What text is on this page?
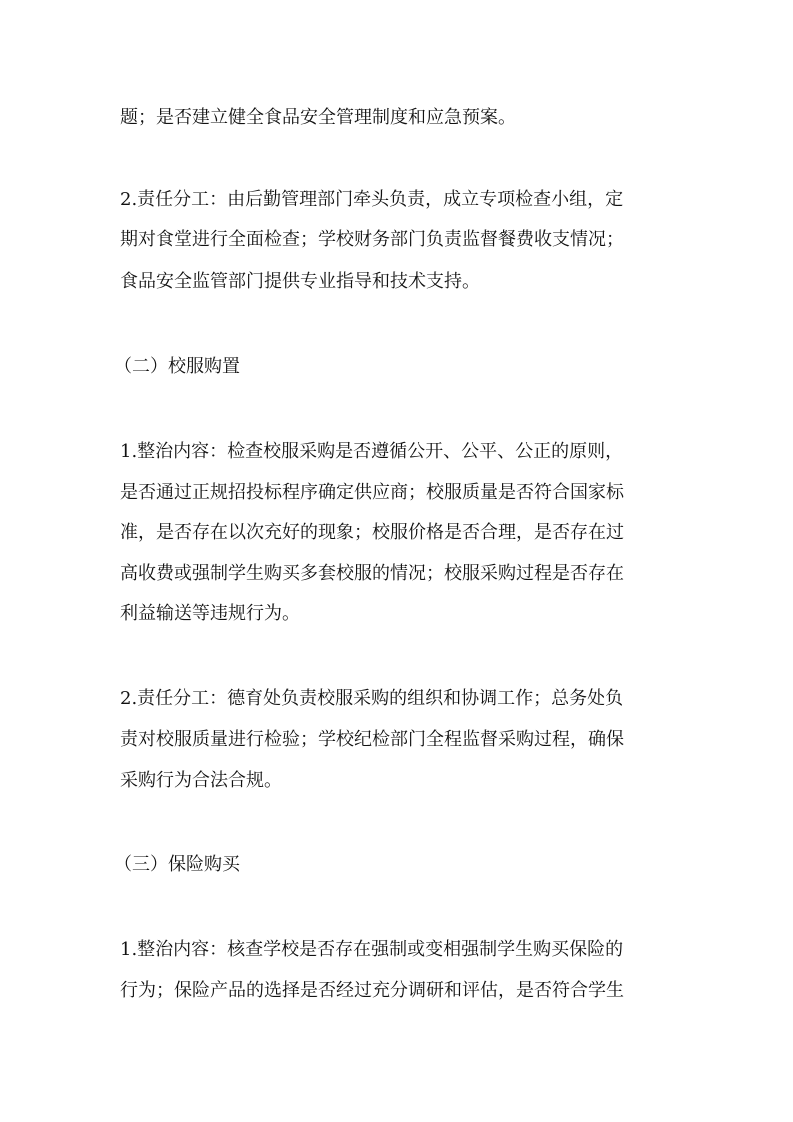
题；是否建立健全食品安全管理制度和应急预案。

2.责任分工：由后勤管理部门牵头负责，成立专项检查小组，定

期对食堂进行全面检查；学校财务部门负责监督餐费收支情况；

食品安全监管部门提供专业指导和技术支持。

（二）校服购置

1.整治内容：检查校服采购是否遵循公开、公平、公正的原则，

是否通过正规招投标程序确定供应商；校服质量是否符合国家标

准，是否存在以次充好的现象；校服价格是否合理，是否存在过

高收费或强制学生购买多套校服的情况；校服采购过程是否存在

利益输送等违规行为。

2.责任分工：德育处负责校服采购的组织和协调工作；总务处负

责对校服质量进行检验；学校纪检部门全程监督采购过程，确保

采购行为合法合规。

（三）保险购买

1.整治内容：核查学校是否存在强制或变相强制学生购买保险的

行为；保险产品的选择是否经过充分调研和评估，是否符合学生
